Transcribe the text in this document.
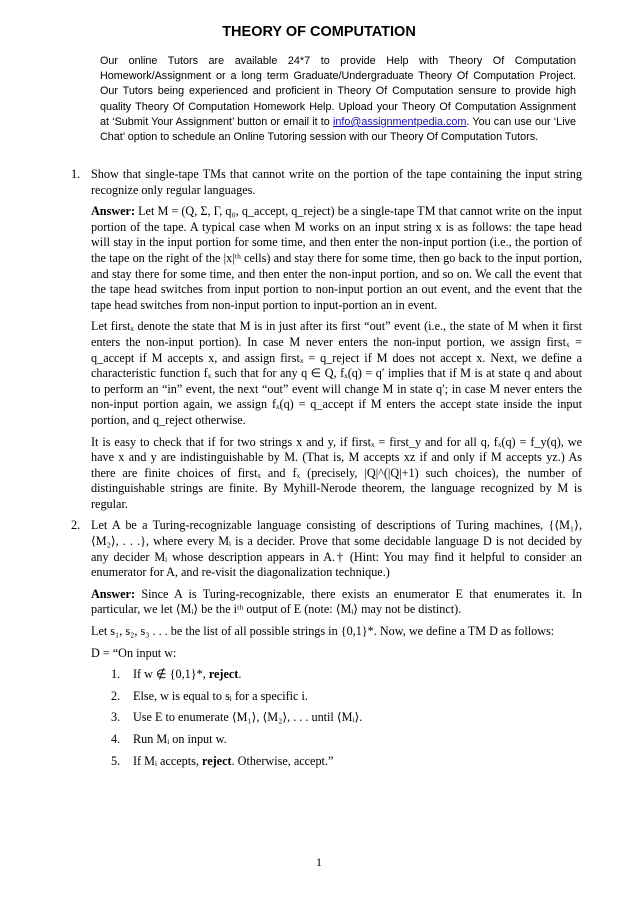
THEORY OF COMPUTATION
Our online Tutors are available 24*7 to provide Help with Theory Of Computation Homework/Assignment or a long term Graduate/Undergraduate Theory Of Computation Project. Our Tutors being experienced and proficient in Theory Of Computation sensure to provide high quality Theory Of Computation Homework Help. Upload your Theory Of Computation Assignment at ‘Submit Your Assignment’ button or email it to info@assignmentpedia.com. You can use our ‘Live Chat’ option to schedule an Online Tutoring session with our Theory Of Computation Tutors.
1. Show that single-tape TMs that cannot write on the portion of the tape containing the input string recognize only regular languages.

Answer: Let M = (Q, Σ, Γ, q₀, q_accept, q_reject) be a single-tape TM that cannot write on the input portion of the tape. A typical case when M works on an input string x is as follows: the tape head will stay in the input portion for some time, and then enter the non-input portion (i.e., the portion of the tape on the right of the |x|ᵗʰ cells) and stay there for some time, then go back to the input portion, and stay there for some time, and then enter the non-input portion, and so on. We call the event that the tape head switches from input portion to non-input portion an out event, and the event that the tape head switches from non-input portion to input-portion an in event.

Let firstₓ denote the state that M is in just after its first “out” event (i.e., the state of M when it first enters the non-input portion). In case M never enters the non-input portion, we assign firstₓ = q_accept if M accepts x, and assign firstₓ = q_reject if M does not accept x. Next, we define a characteristic function fₓ such that for any q ∈ Q, fₓ(q) = q′ implies that if M is at state q and about to perform an “in” event, the next “out” event will change M in state q′; in case M never enters the non-input portion again, we assign fₓ(q) = q_accept if M enters the accept state inside the input portion, and q_reject otherwise.

It is easy to check that if for two strings x and y, if firstₓ = first_y and for all q, fₓ(q) = f_y(q), we have x and y are indistinguishable by M. (That is, M accepts xz if and only if M accepts yz.) As there are finite choices of firstₓ and fₓ (precisely, |Q|^(|Q|+1) such choices), the number of distinguishable strings are finite. By Myhill-Nerode theorem, the language recognized by M is regular.

2. Let A be a Turing-recognizable language consisting of descriptions of Turing machines, {⟨M₁⟩, ⟨M₂⟩, . . .}, where every Mᵢ is a decider. Prove that some decidable language D is not decided by any decider Mᵢ whose description appears in A.† (Hint: You may find it helpful to consider an enumerator for A, and re-visit the diagonalization technique.)

Answer: Since A is Turing-recognizable, there exists an enumerator E that enumerates it. In particular, we let ⟨Mᵢ⟩ be the iᵗʰ output of E (note: ⟨Mᵢ⟩ may not be distinct).

Let s₁, s₂, s₃ . . . be the list of all possible strings in {0,1}*. Now, we define a TM D as follows:

D = “On input w:

1.	If w ∉ {0,1}*, reject.
2.	Else, w is equal to sᵢ for a specific i.
3.	Use E to enumerate ⟨M₁⟩, ⟨M₂⟩, . . . until ⟨Mᵢ⟩.
4.	Run Mᵢ on input w.
5.	If Mᵢ accepts, reject. Otherwise, accept.”
1
